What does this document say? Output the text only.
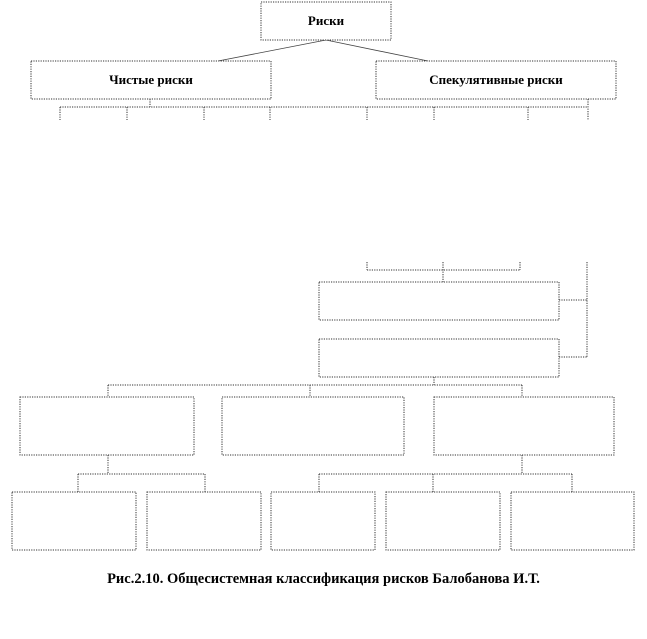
Риски
Чистые риски	Спекулятивные риски
Рис.2.10. Общесистемная классификация рисков Балобанова И.Т.
